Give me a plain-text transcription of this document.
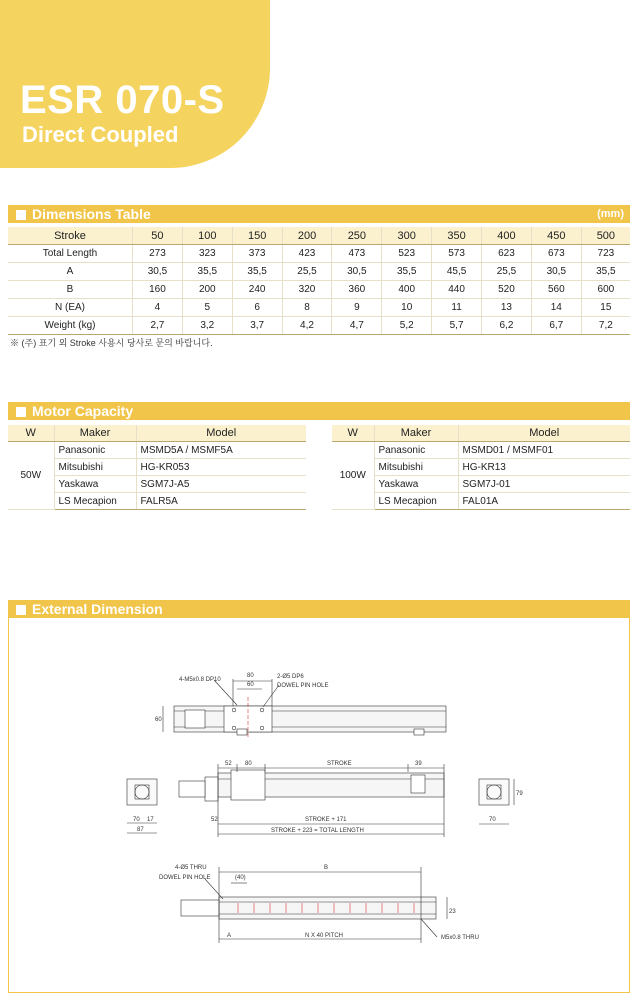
ESR 070-S
Direct Coupled
Dimensions Table	(mm)
Stroke	50	100	150	200	250	300	350	400	450	500
Total Length	273	323	373	423	473	523	573	623	673	723
A	30,5	35,5	35,5	25,5	30,5	35,5	45,5	25,5	30,5	35,5
B	160	200	240	320	360	400	440	520	560	600
N (EA)	4	5	6	8	9	10	11	13	14	15
Weight (kg)	2,7	3,2	3,7	4,2	4,7	5,2	5,7	6,2	6,7	7,2
※ (주) 표기 외 Stroke 사용시 당사로 문의 바랍니다.
Motor Capacity
W	Maker	Model
50W	Panasonic	MSMD5A / MSMF5A
	Mitsubishi	HG-KR053
	Yaskawa	SGM7J-A5
	LS Mecapion	FALR5A
W	Maker	Model
100W	Panasonic	MSMD01 / MSMF01
	Mitsubishi	HG-KR13
	Yaskawa	SGM7J-01
	LS Mecapion	FAL01A
External Dimension
4-M5x0.8 DP10
80
60
2-Ø5 DP6
DOWEL PIN HOLE
60
52 80	STROKE	39
52	STROKE + 171
STROKE + 223 = TOTAL LENGTH
70 17
87
79
70
4-Ø5 THRU
DOWEL PIN HOLE	(40)
B
A	N X 40 PITCH	M5x0.8 THRU
23
